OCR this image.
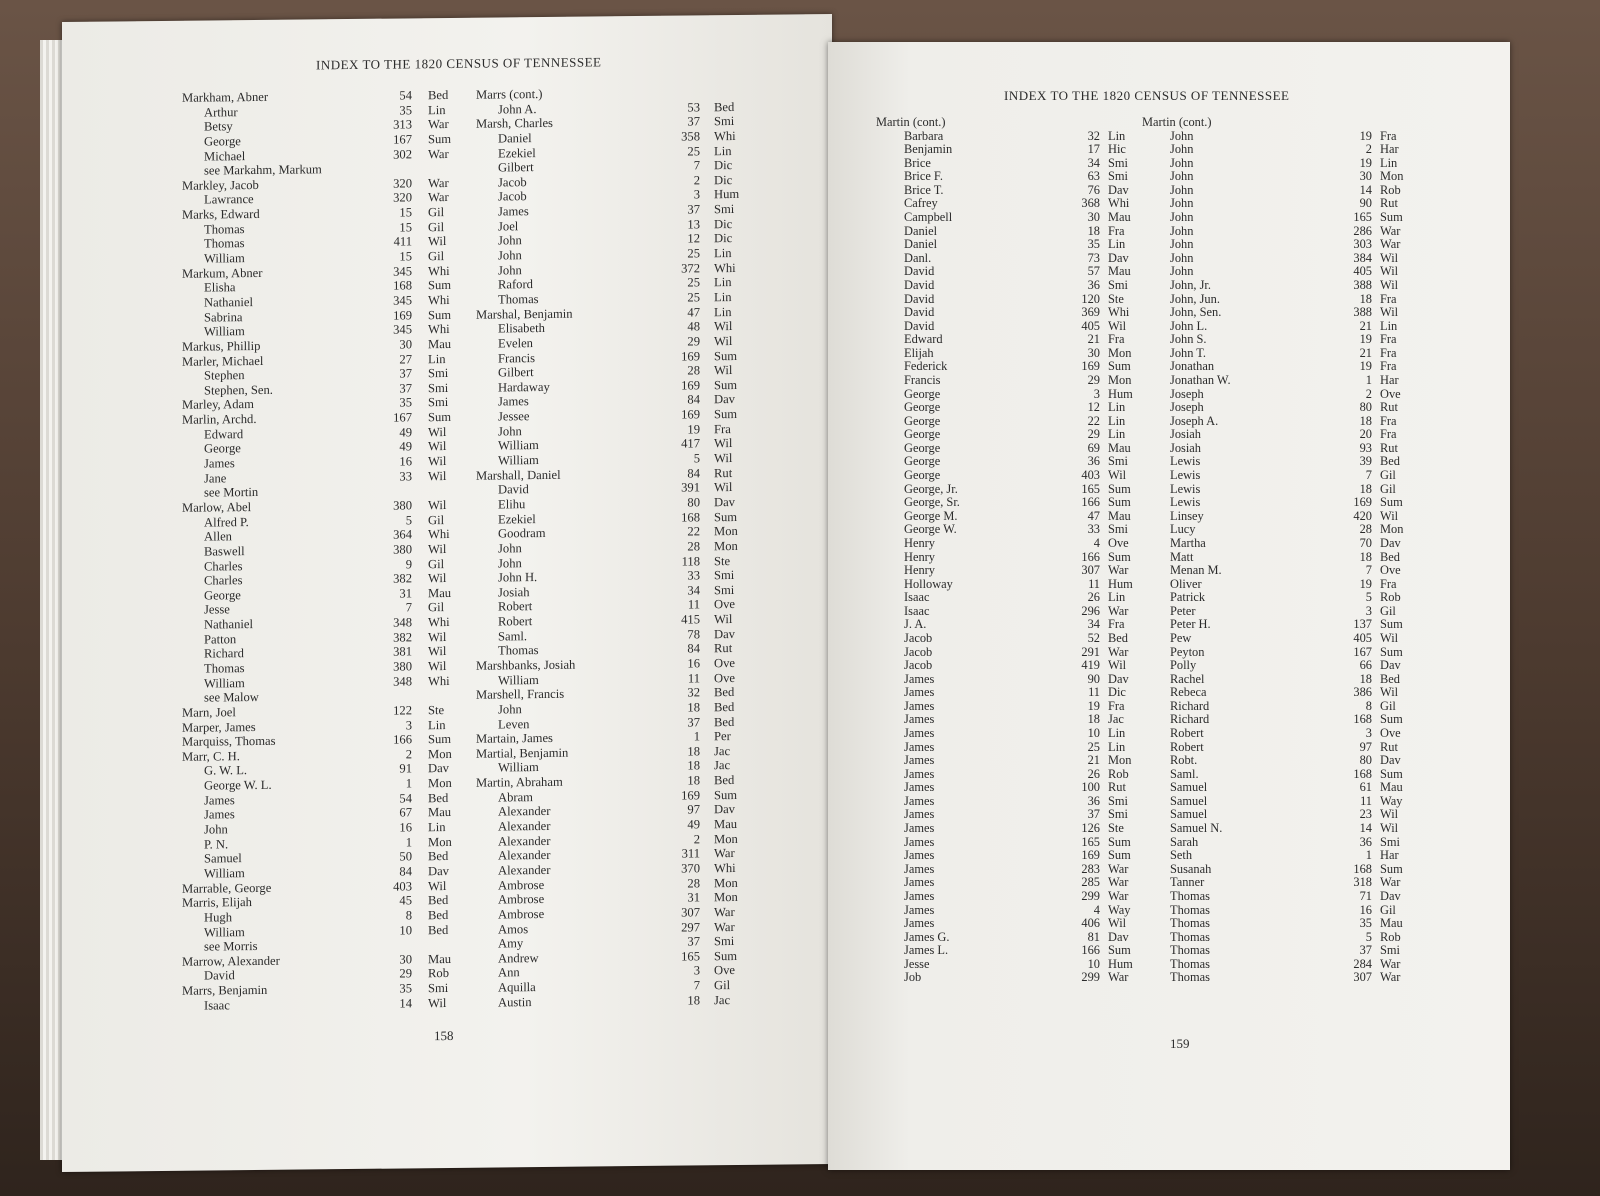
INDEX TO THE 1820 CENSUS OF TENNESSEE
Markham, Abner
Arthur
Betsy
George
Michael
see Markahm, Markum
Markley, Jacob
Lawrance
Marks, Edward
Thomas
Thomas
William
Markum, Abner
Elisha
Nathaniel
Sabrina
William
Markus, Phillip
Marler, Michael
Stephen
Stephen, Sen.
Marley, Adam
Marlin, Archd.
Edward
George
James
Jane
see Mortin
Marlow, Abel
Alfred P.
Allen
Baswell
Charles
Charles
George
Jesse
Nathaniel
Patton
Richard
Thomas
William
see Malow
Marn, Joel
Marper, James
Marquiss, Thomas
Marr, C. H.
G. W. L.
George W. L.
James
James
John
P. N.
Samuel
William
Marrable, George
Marris, Elijah
Hugh
William
see Morris
Marrow, Alexander
David
Marrs, Benjamin
Isaac
54
35
313
167
302
320
320
15
15
411
15
345
168
345
169
345
30
27
37
37
35
167
49
49
16
33
380
5
364
380
9
382
31
7
348
382
381
380
348
122
3
166
2
91
1
54
67
16
1
50
84
403
45
8
10
30
29
35
14
Bed
Lin
War
Sum
War
War
War
Gil
Gil
Wil
Gil
Whi
Sum
Whi
Sum
Whi
Mau
Lin
Smi
Smi
Smi
Sum
Wil
Wil
Wil
Wil
Wil
Gil
Whi
Wil
Gil
Wil
Mau
Gil
Whi
Wil
Wil
Wil
Whi
Ste
Lin
Sum
Mon
Dav
Mon
Bed
Mau
Lin
Mon
Bed
Dav
Wil
Bed
Bed
Bed
Mau
Rob
Smi
Wil
Marrs (cont.)
John A.
Marsh, Charles
Daniel
Ezekiel
Gilbert
Jacob
Jacob
James
Joel
John
John
John
Raford
Thomas
Marshal, Benjamin
Elisabeth
Evelen
Francis
Gilbert
Hardaway
James
Jessee
John
William
William
Marshall, Daniel
David
Elihu
Ezekiel
Goodram
John
John
John H.
Josiah
Robert
Robert
Saml.
Thomas
Marshbanks, Josiah
William
Marshell, Francis
John
Leven
Martain, James
Martial, Benjamin
William
Martin, Abraham
Abram
Alexander
Alexander
Alexander
Alexander
Alexander
Ambrose
Ambrose
Ambrose
Amos
Amy
Andrew
Ann
Aquilla
Austin
53
37
358
25
7
2
3
37
13
12
25
372
25
25
47
48
29
169
28
169
84
169
19
417
5
84
391
80
168
22
28
118
33
34
11
415
78
84
16
11
32
18
37
1
18
18
18
169
97
49
2
311
370
28
31
307
297
37
165
3
7
18
Bed
Smi
Whi
Lin
Dic
Dic
Hum
Smi
Dic
Dic
Lin
Whi
Lin
Lin
Lin
Wil
Wil
Sum
Wil
Sum
Dav
Sum
Fra
Wil
Wil
Rut
Wil
Dav
Sum
Mon
Mon
Ste
Smi
Smi
Ove
Wil
Dav
Rut
Ove
Ove
Bed
Bed
Bed
Per
Jac
Jac
Bed
Sum
Dav
Mau
Mon
War
Whi
Mon
Mon
War
War
Smi
Sum
Ove
Gil
Jac
158
INDEX TO THE 1820 CENSUS OF TENNESSEE
Martin (cont.)
Barbara
Benjamin
Brice
Brice F.
Brice T.
Cafrey
Campbell
Daniel
Daniel
Danl.
David
David
David
David
David
Edward
Elijah
Federick
Francis
George
George
George
George
George
George
George
George, Jr.
George, Sr.
George M.
George W.
Henry
Henry
Henry
Holloway
Isaac
Isaac
J. A.
Jacob
Jacob
Jacob
James
James
James
James
James
James
James
James
James
James
James
James
James
James
James
James
James
James
James
James G.
James L.
Jesse
Job
32
17
34
63
76
368
30
18
35
73
57
36
120
369
405
21
30
169
29
3
12
22
29
69
36
403
165
166
47
33
4
166
307
11
26
296
34
52
291
419
90
11
19
18
10
25
21
26
100
36
37
126
165
169
283
285
299
4
406
81
166
10
299
Lin
Hic
Smi
Smi
Dav
Whi
Mau
Fra
Lin
Dav
Mau
Smi
Ste
Whi
Wil
Fra
Mon
Sum
Mon
Hum
Lin
Lin
Lin
Mau
Smi
Wil
Sum
Sum
Mau
Smi
Ove
Sum
War
Hum
Lin
War
Fra
Bed
War
Wil
Dav
Dic
Fra
Jac
Lin
Lin
Mon
Rob
Rut
Smi
Smi
Ste
Sum
Sum
War
War
War
Way
Wil
Dav
Sum
Hum
War
Martin (cont.)
John
John
John
John
John
John
John
John
John
John
John
John, Jr.
John, Jun.
John, Sen.
John L.
John S.
John T.
Jonathan
Jonathan W.
Joseph
Joseph
Joseph A.
Josiah
Josiah
Lewis
Lewis
Lewis
Lewis
Linsey
Lucy
Martha
Matt
Menan M.
Oliver
Patrick
Peter
Peter H.
Pew
Peyton
Polly
Rachel
Rebeca
Richard
Richard
Robert
Robert
Robt.
Saml.
Samuel
Samuel
Samuel
Samuel N.
Sarah
Seth
Susanah
Tanner
Thomas
Thomas
Thomas
Thomas
Thomas
Thomas
Thomas
19
2
19
30
14
90
165
286
303
384
405
388
18
388
21
19
21
19
1
2
80
18
20
93
39
7
18
169
420
28
70
18
7
19
5
3
137
405
167
66
18
386
8
168
3
97
80
168
61
11
23
14
36
1
168
318
71
16
35
5
37
284
307
Fra
Har
Lin
Mon
Rob
Rut
Sum
War
War
Wil
Wil
Wil
Fra
Wil
Lin
Fra
Fra
Fra
Har
Ove
Rut
Fra
Fra
Rut
Bed
Gil
Gil
Sum
Wil
Mon
Dav
Bed
Ove
Fra
Rob
Gil
Sum
Wil
Sum
Dav
Bed
Wil
Gil
Sum
Ove
Rut
Dav
Sum
Mau
Way
Wil
Wil
Smi
Har
Sum
War
Dav
Gil
Mau
Rob
Smi
War
War
159
